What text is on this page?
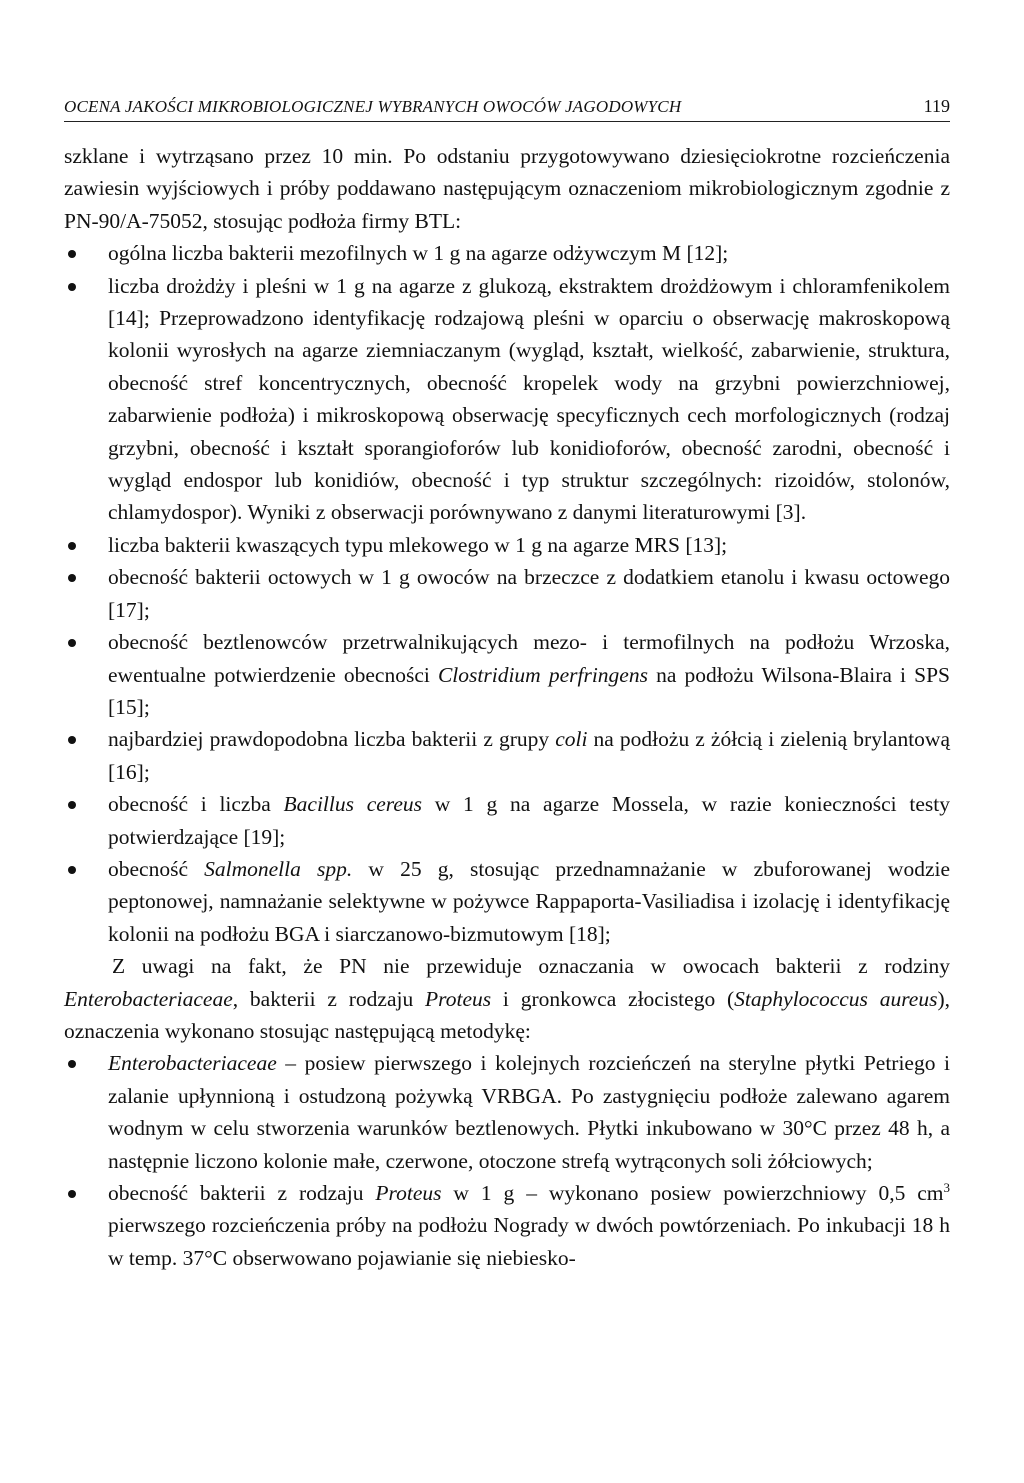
OCENA JAKOŚCI MIKROBIOLOGICZNEJ WYBRANYCH OWOCÓW JAGODOWYCH	119

szklane i wytrząsano przez 10 min. Po odstaniu przygotowywano dziesięciokrotne rozcieńczenia zawiesin wyjściowych i próby poddawano następującym oznaczeniom mikrobiologicznym zgodnie z PN-90/A-75052, stosując podłoża firmy BTL:

ogólna liczba bakterii mezofilnych w 1 g na agarze odżywczym M [12];
liczba drożdży i pleśni w 1 g na agarze z glukozą, ekstraktem drożdżowym i chloramfenikolem [14]; Przeprowadzono identyfikację rodzajową pleśni w oparciu o obserwację makroskopową kolonii wyrosłych na agarze ziemniaczanym (wygląd, kształt, wielkość, zabarwienie, struktura, obecność stref koncentrycznych, obecność kropelek wody na grzybni powierzchniowej, zabarwienie podłoża) i mikroskopową obserwację specyficznych cech morfologicznych (rodzaj grzybni, obecność i kształt sporangioforów lub konidioforów, obecność zarodni, obecność i wygląd endospor lub konidiów, obecność i typ struktur szczególnych: rizoidów, stolonów, chlamydospor). Wyniki z obserwacji porównywano z danymi literaturowymi [3].
liczba bakterii kwaszących typu mlekowego w 1 g na agarze MRS [13];
obecność bakterii octowych w 1 g owoców na brzeczce z dodatkiem etanolu i kwasu octowego [17];
obecność beztlenowców przetrwalnikujących mezo- i termofilnych na podłożu Wrzoska, ewentualne potwierdzenie obecności Clostridium perfringens na podłożu Wilsona-Blaira i SPS [15];
najbardziej prawdopodobna liczba bakterii z grupy coli na podłożu z żółcią i zielenią brylantową [16];
obecność i liczba Bacillus cereus w 1 g na agarze Mossela, w razie konieczności testy potwierdzające [19];
obecność Salmonella spp. w 25 g, stosując przednamnażanie w zbuforowanej wodzie peptonowej, namnażanie selektywne w pożywce Rappaporta-Vasiliadisa i izolację i identyfikację kolonii na podłożu BGA i siarczanowo-bizmutowym [18];

Z uwagi na fakt, że PN nie przewiduje oznaczania w owocach bakterii z rodziny Enterobacteriaceae, bakterii z rodzaju Proteus i gronkowca złocistego (Staphylococcus aureus), oznaczenia wykonano stosując następującą metodykę:

Enterobacteriaceae – posiew pierwszego i kolejnych rozcieńczeń na sterylne płytki Petriego i zalanie upłynnioną i ostudzoną pożywką VRBGA. Po zastygnięciu podłoże zalewano agarem wodnym w celu stworzenia warunków beztlenowych. Płytki inkubowano w 30°C przez 48 h, a następnie liczono kolonie małe, czerwone, otoczone strefą wytrąconych soli żółciowych;
obecność bakterii z rodzaju Proteus w 1 g – wykonano posiew powierzchniowy 0,5 $cm^3$ pierwszego rozcieńczenia próby na podłożu Nogrady w dwóch powtórzeniach. Po inkubacji 18 h w temp. 37°C obserwowano pojawianie się niebiesko-
